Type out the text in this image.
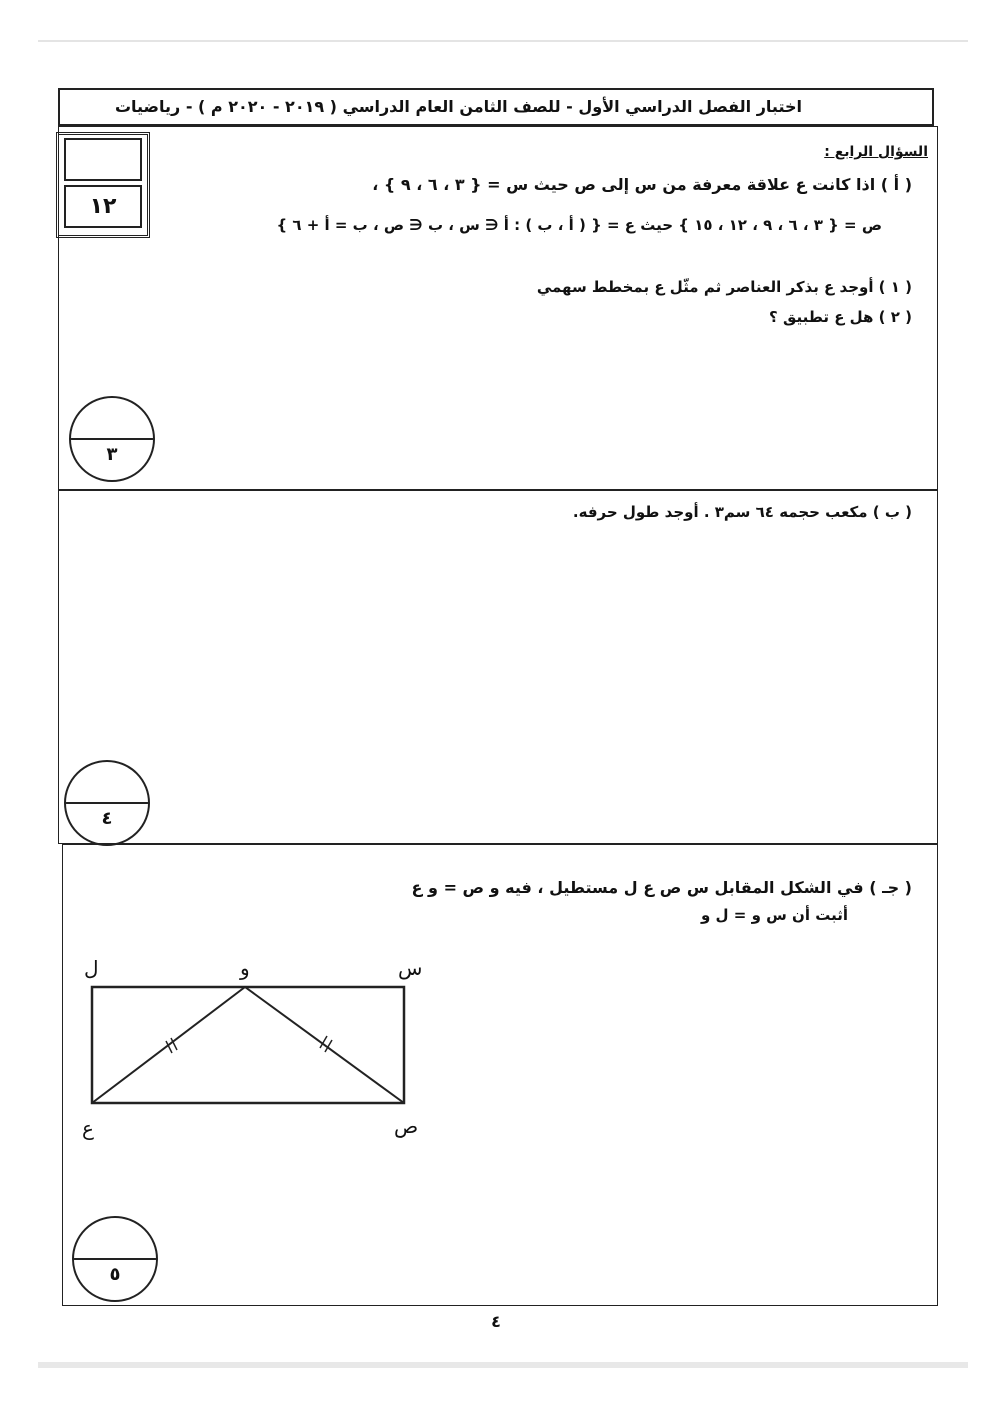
اختبار الفصل الدراسي الأول - للصف الثامن العام الدراسي ( ٢٠١٩ - ٢٠٢٠ م ) - رياضيات
١٢
السؤال الرابع :
( أ ) اذا كانت ع علاقة معرفة من س إلى ص حيث س = { ٣ ، ٦ ، ٩ } ،
ص = { ٣ ، ٦ ، ٩ ، ١٢ ، ١٥ } حيث ع = { ( أ ، ب ) : أ ∈ س ، ب ∈ ص ، ب = أ + ٦ }
( ١ ) أوجد ع بذكر العناصر ثم مثّل ع بمخطط سهمي
( ٢ ) هل ع تطبيق ؟
٣
( ب ) مكعب حجمه ٦٤ سم٣ . أوجد طول حرفه.
٤
( جـ ) في الشكل المقابل س ص ع ل مستطيل ، فيه و ص = و ع
أثبت أن س و = ل و
ل	و	س
ع	ص
٥
٤
